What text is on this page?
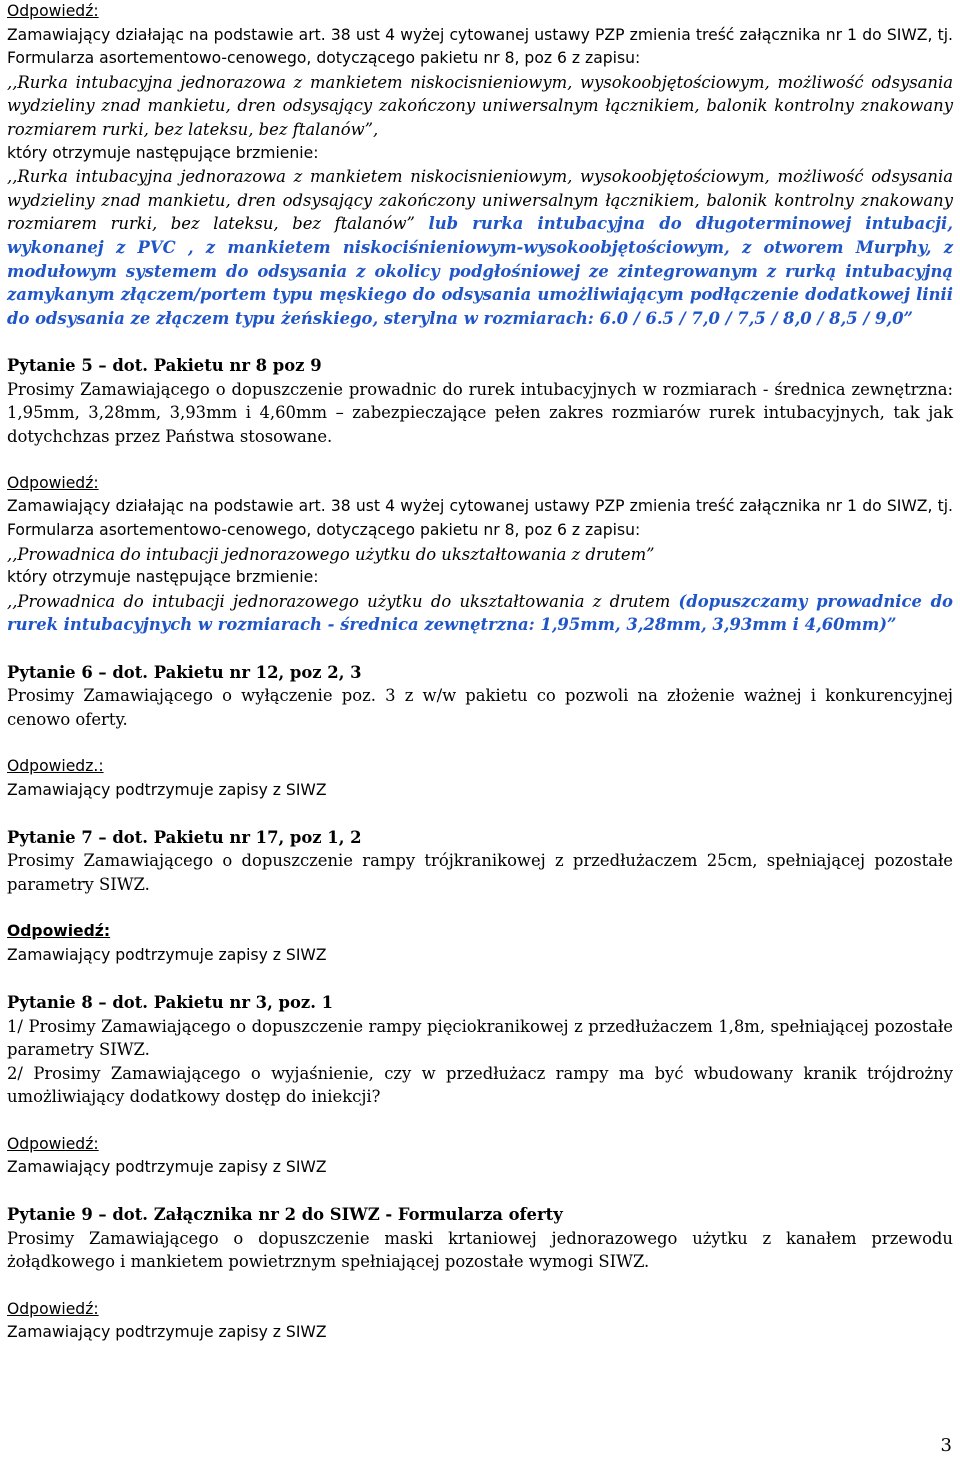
Odpowiedź:

Zamawiający działając na podstawie art. 38 ust 4 wyżej cytowanej ustawy PZP zmienia treść załącznika nr 1 do SIWZ, tj. Formularza asortementowo-cenowego, dotyczącego pakietu nr 8, poz 6 z zapisu:

,,Rurka intubacyjna jednorazowa z mankietem niskocisnieniowym, wysokoobjętościowym, możliwość odsysania wydzieliny znad mankietu, dren odsysający zakończony uniwersalnym łącznikiem, balonik kontrolny znakowany rozmiarem rurki, bez lateksu, bez ftalanów”,

który otrzymuje następujące brzmienie:

,,Rurka intubacyjna jednorazowa z mankietem niskocisnieniowym, wysokoobjętościowym, możliwość odsysania wydzieliny znad mankietu, dren odsysający zakończony uniwersalnym łącznikiem, balonik kontrolny znakowany rozmiarem rurki, bez lateksu, bez ftalanów” lub rurka intubacyjna do długoterminowej intubacji, wykonanej z PVC , z mankietem niskociśnieniowym-wysokoobjętościowym, z otworem Murphy, z modułowym systemem do odsysania z okolicy podgłośniowej ze zintegrowanym z rurką intubacyjną zamykanym złączem/portem typu męskiego do odsysania umożliwiającym podłączenie dodatkowej linii do odsysania ze złączem typu żeńskiego, sterylna w rozmiarach: 6.0 / 6.5 / 7,0 / 7,5 / 8,0 / 8,5 / 9,0”

Pytanie 5 – dot. Pakietu nr 8 poz 9

Prosimy Zamawiającego o dopuszczenie prowadnic do rurek intubacyjnych w rozmiarach - średnica zewnętrzna: 1,95mm, 3,28mm, 3,93mm i 4,60mm – zabezpieczające pełen zakres rozmiarów rurek intubacyjnych, tak jak dotychchzas przez Państwa stosowane.

Odpowiedź:

Zamawiający działając na podstawie art. 38 ust 4 wyżej cytowanej ustawy PZP zmienia treść załącznika nr 1 do SIWZ, tj. Formularza asortementowo-cenowego, dotyczącego pakietu nr 8, poz 6 z zapisu:

,,Prowadnica do intubacji jednorazowego użytku do ukształtowania z drutem”

który otrzymuje następujące brzmienie:

,,Prowadnica do intubacji jednorazowego użytku do ukształtowania z drutem (dopuszczamy prowadnice do rurek intubacyjnych w rozmiarach - średnica zewnętrzna: 1,95mm, 3,28mm, 3,93mm i 4,60mm)”

Pytanie 6 – dot. Pakietu nr 12, poz 2, 3

Prosimy Zamawiającego o wyłączenie poz. 3 z w/w pakietu co pozwoli na złożenie ważnej i konkurencyjnej cenowo oferty.

Odpowiedz.:

Zamawiający podtrzymuje zapisy z SIWZ

Pytanie 7 – dot. Pakietu nr 17, poz 1, 2

Prosimy Zamawiającego o dopuszczenie rampy trójkranikowej z przedłużaczem 25cm, spełniającej pozostałe parametry SIWZ.

Odpowiedź:

Zamawiający podtrzymuje zapisy z SIWZ

Pytanie 8 – dot. Pakietu nr 3, poz. 1

1/ Prosimy Zamawiającego o dopuszczenie rampy pięciokranikowej z przedłużaczem 1,8m, spełniającej pozostałe parametry SIWZ.

2/ Prosimy Zamawiającego o wyjaśnienie, czy w przedłużacz rampy ma być wbudowany kranik trójdrożny umożliwiający dodatkowy dostęp do iniekcji?

Odpowiedź:

Zamawiający podtrzymuje zapisy z SIWZ

Pytanie 9 – dot. Załącznika nr 2 do SIWZ - Formularza oferty

Prosimy Zamawiającego o dopuszczenie maski krtaniowej jednorazowego użytku z kanałem przewodu żołądkowego i mankietem powietrznym spełniającej pozostałe wymogi SIWZ.

Odpowiedź:

Zamawiający podtrzymuje zapisy z SIWZ

3
